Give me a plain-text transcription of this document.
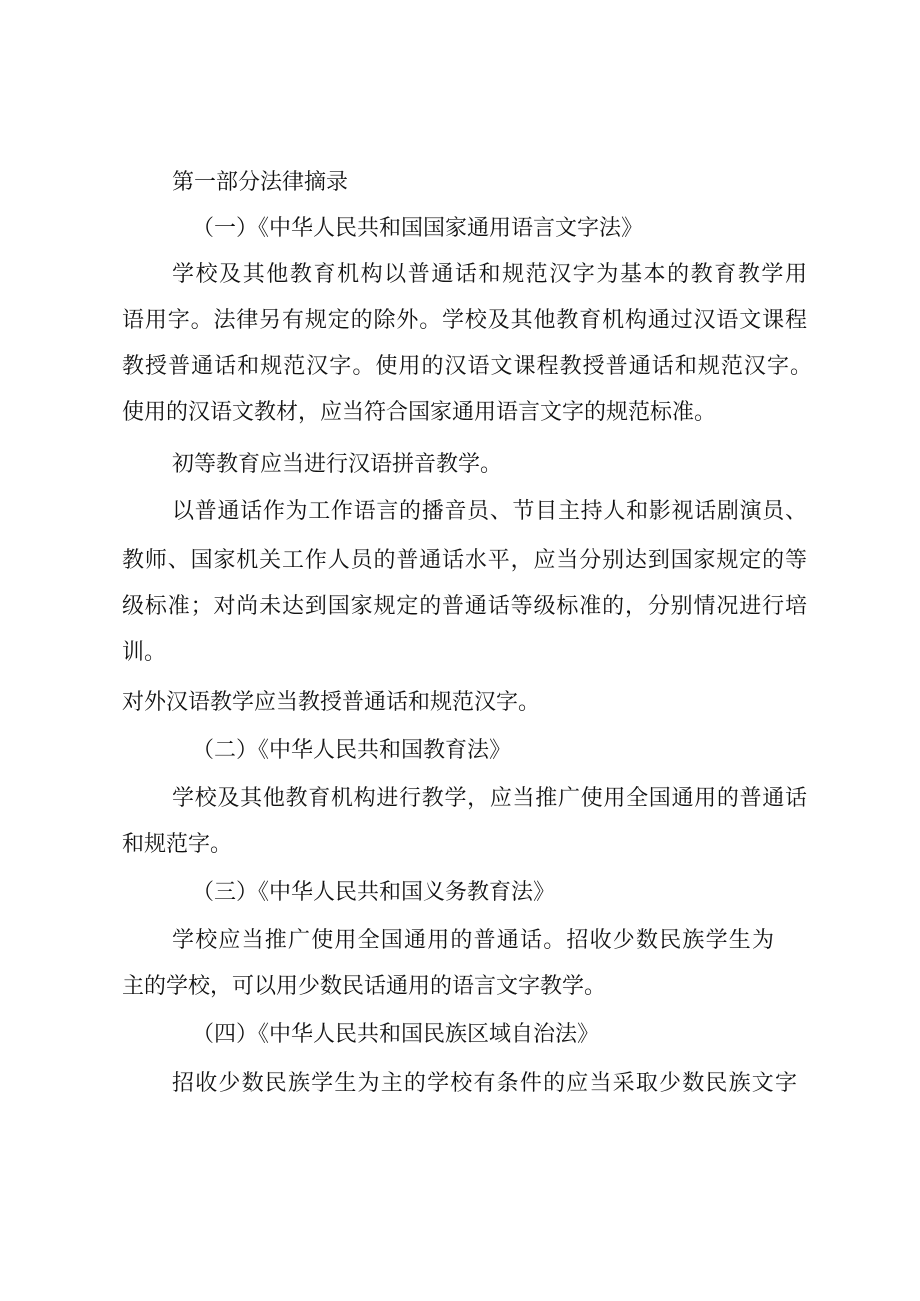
第一部分法律摘录

（一）《中华人民共和国国家通用语言文字法》

学校及其他教育机构以普通话和规范汉字为基本的教育教学用

语用字。法律另有规定的除外。学校及其他教育机构通过汉语文课程

教授普通话和规范汉字。使用的汉语文课程教授普通话和规范汉字。

使用的汉语文教材，应当符合国家通用语言文字的规范标准。

初等教育应当进行汉语拼音教学。

以普通话作为工作语言的播音员、节目主持人和影视话剧演员、

教师、国家机关工作人员的普通话水平，应当分别达到国家规定的等

级标准；对尚未达到国家规定的普通话等级标准的，分别情况进行培

训。

对外汉语教学应当教授普通话和规范汉字。

（二）《中华人民共和国教育法》

学校及其他教育机构进行教学，应当推广使用全国通用的普通话

和规范字。

（三）《中华人民共和国义务教育法》

学校应当推广使用全国通用的普通话。招收少数民族学生为

主的学校，可以用少数民话通用的语言文字教学。

（四）《中华人民共和国民族区域自治法》

招收少数民族学生为主的学校有条件的应当采取少数民族文字
